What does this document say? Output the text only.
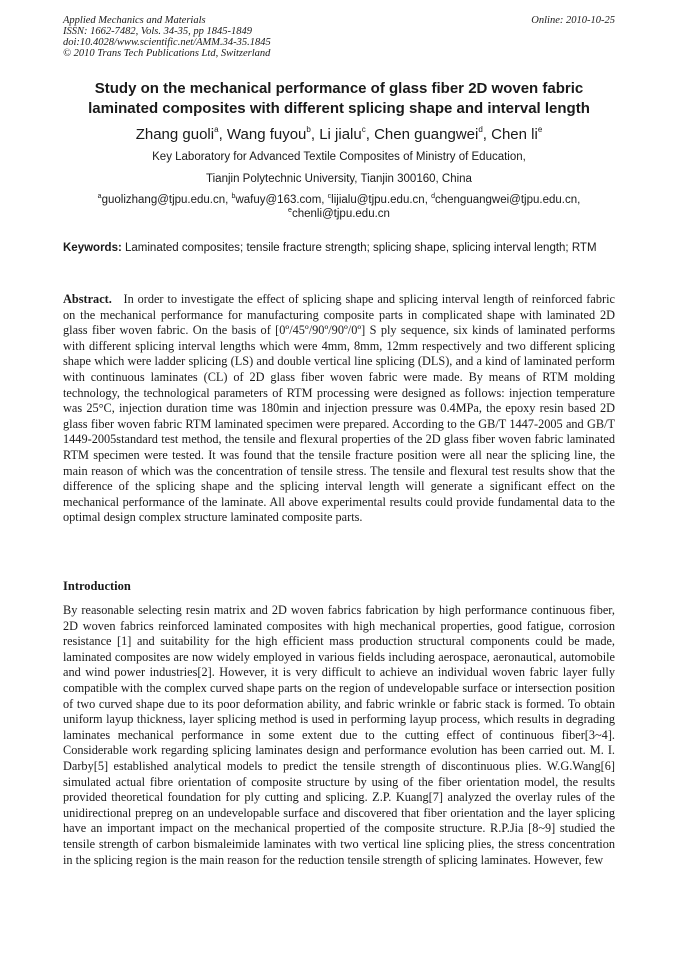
Applied Mechanics and Materials
ISSN: 1662-7482, Vols. 34-35, pp 1845-1849
doi:10.4028/www.scientific.net/AMM.34-35.1845
© 2010 Trans Tech Publications Ltd, Switzerland
Online: 2010-10-25
Study on the mechanical performance of glass fiber 2D woven fabric
laminated composites with different splicing shape and interval length
Zhang guoli$^a$, Wang fuyou$^b$, Li jialu$^c$, Chen guangwei$^d$, Chen $li^e$
Key Laboratory for Advanced Textile Composites of Ministry of Education,
Tianjin Polytechnic University, Tianjin 300160, China
$^a$guolizhang@tjpu.edu.cn, $^b$wafuy@163.com, $^c$lijialu@tjpu.edu.cn, $^d$chenguangwei@tjpu.edu.cn,
$^e$chenli@tjpu.edu.cn
Keywords: Laminated composites; tensile fracture strength; splicing shape, splicing interval length; RTM
Abstract. In order to investigate the effect of splicing shape and splicing interval length of reinforced fabric on the mechanical performance for manufacturing composite parts in complicated shape with laminated 2D glass fiber woven fabric. On the basis of [0º/45º/90º/90º/0º] S ply sequence, six kinds of laminated performs with different splicing interval lengths which were 4mm, 8mm, 12mm respectively and two different splicing shape which were ladder splicing (LS) and double vertical line splicing (DLS), and a kind of laminated perform with continuous laminates (CL) of 2D glass fiber woven fabric were made. By means of RTM molding technology, the technological parameters of RTM processing were designed as follows: injection temperature was 25°C, injection duration time was 180min and injection pressure was 0.4MPa, the epoxy resin based 2D glass fiber woven fabric RTM laminated specimen were prepared. According to the GB/T 1447-2005 and GB/T 1449-2005standard test method, the tensile and flexural properties of the 2D glass fiber woven fabric laminated RTM specimen were tested. It was found that the tensile fracture position were all near the splicing line, the main reason of which was the concentration of tensile stress. The tensile and flexural test results show that the difference of the splicing shape and the splicing interval length will generate a significant effect on the mechanical performance of the laminate. All above experimental results could provide fundamental data to the optimal design complex structure laminated composite parts.
Introduction
By reasonable selecting resin matrix and 2D woven fabrics fabrication by high performance continuous fiber, 2D woven fabrics reinforced laminated composites with high mechanical properties, good fatigue, corrosion resistance [1] and suitability for the high efficient mass production structural components could be made, laminated composites are now widely employed in various fields including aerospace, aeronautical, automobile and wind power industries[2]. However, it is very difficult to achieve an individual woven fabric layer fully compatible with the complex curved shape parts on the region of undevelopable surface or intersection position of two curved shape due to its poor deformation ability, and fabric wrinkle or fabric stack is formed. To obtain uniform layup thickness, layer splicing method is used in performing layup process, which results in degrading laminates mechanical performance in some extent due to the cutting effect of continuous fiber[3~4]. Considerable work regarding splicing laminates design and performance evolution has been carried out. M. I. Darby[5] established analytical models to predict the tensile strength of discontinuous plies. W.G.Wang[6] simulated actual fibre orientation of composite structure by using of the fiber orientation model, the results provided theoretical foundation for ply cutting and splicing. Z.P. Kuang[7] analyzed the overlay rules of the unidirectional prepreg on an undevelopable surface and discovered that fiber orientation and the layer splicing have an important impact on the mechanical propertied of the composite structure. R.P.Jia [8~9] studied the tensile strength of carbon bismaleimide laminates with two vertical line splicing plies, the stress concentration in the splicing region is the main reason for the reduction tensile strength of splicing laminates. However, few
